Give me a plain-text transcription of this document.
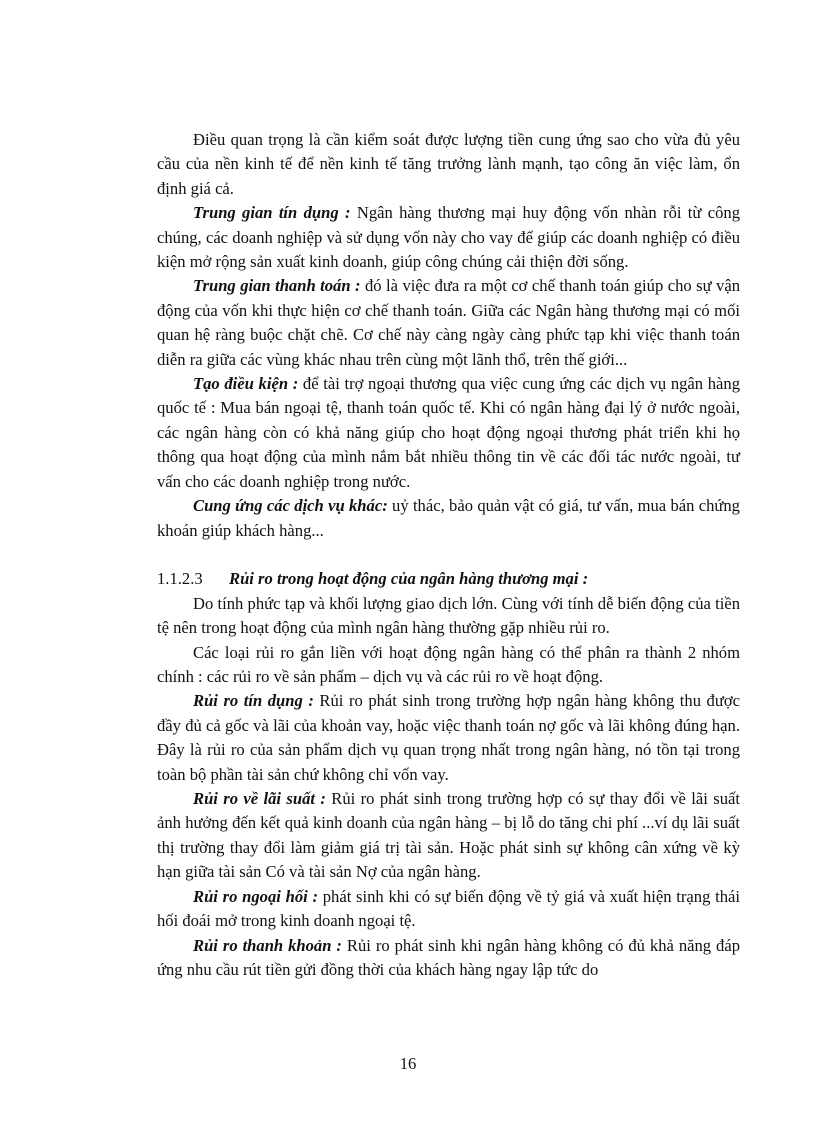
Điều quan trọng là cần kiểm soát được lượng tiền cung ứng sao cho vừa đủ yêu cầu của nền kinh tế để nền kinh tế tăng trưởng lành mạnh, tạo công ăn việc làm, ổn định giá cả.

Trung gian tín dụng : Ngân hàng thương mại huy động vốn nhàn rỗi từ công chúng, các doanh nghiệp và sử dụng vốn này cho vay để giúp các doanh nghiệp có điều kiện mở rộng sản xuất kinh doanh, giúp công chúng cải thiện đời sống.

Trung gian thanh toán : đó là việc đưa ra một cơ chế thanh toán giúp cho sự vận động của vốn khi thực hiện cơ chế thanh toán. Giữa các Ngân hàng thương mại có mối quan hệ ràng buộc chặt chẽ. Cơ chế này càng ngày càng phức tạp khi việc thanh toán diễn ra giữa các vùng khác nhau trên cùng một lãnh thổ, trên thế giới...

Tạo điều kiện : để tài trợ ngoại thương qua việc cung ứng các dịch vụ ngân hàng quốc tế : Mua bán ngoại tệ, thanh toán quốc tế. Khi có ngân hàng đại lý ở nước ngoài, các ngân hàng còn có khả năng giúp cho hoạt động ngoại thương phát triển khi họ thông qua hoạt động của mình nắm bắt nhiều thông tin về các đối tác nước ngoài, tư vấn cho các doanh nghiệp trong nước.

Cung ứng các dịch vụ khác: uỷ thác, bảo quản vật có giá, tư vấn, mua bán chứng khoán giúp khách hàng...

1.1.2.3 Rủi ro trong hoạt động của ngân hàng thương mại :

Do tính phức tạp và khối lượng giao dịch lớn. Cùng với tính dễ biến động của tiền tệ nên trong hoạt động của mình ngân hàng thường gặp nhiều rủi ro.

Các loại rủi ro gắn liền với hoạt động ngân hàng có thể phân ra thành 2 nhóm chính : các rủi ro về sản phẩm – dịch vụ và các rủi ro về hoạt động.

Rủi ro tín dụng : Rủi ro phát sinh trong trường hợp ngân hàng không thu được đầy đủ cả gốc và lãi của khoản vay, hoặc việc thanh toán nợ gốc và lãi không đúng hạn. Đây là rủi ro của sản phẩm dịch vụ quan trọng nhất trong ngân hàng, nó tồn tại trong toàn bộ phần tài sản chứ không chỉ vốn vay.

Rủi ro về lãi suất : Rủi ro phát sinh trong trường hợp có sự thay đổi về lãi suất ảnh hưởng đến kết quả kinh doanh của ngân hàng – bị lỗ do tăng chi phí ...ví dụ lãi suất thị trường thay đổi làm giảm giá trị tài sản. Hoặc phát sinh sự không cân xứng về kỳ hạn giữa tài sản Có và tài sản Nợ của ngân hàng.

Rủi ro ngoại hối : phát sinh khi có sự biến động về tỷ giá và xuất hiện trạng thái hối đoái mở trong kinh doanh ngoại tệ.

Rủi ro thanh khoản : Rủi ro phát sinh khi ngân hàng không có đủ khả năng đáp ứng nhu cầu rút tiền gửi đồng thời của khách hàng ngay lập tức do

16
